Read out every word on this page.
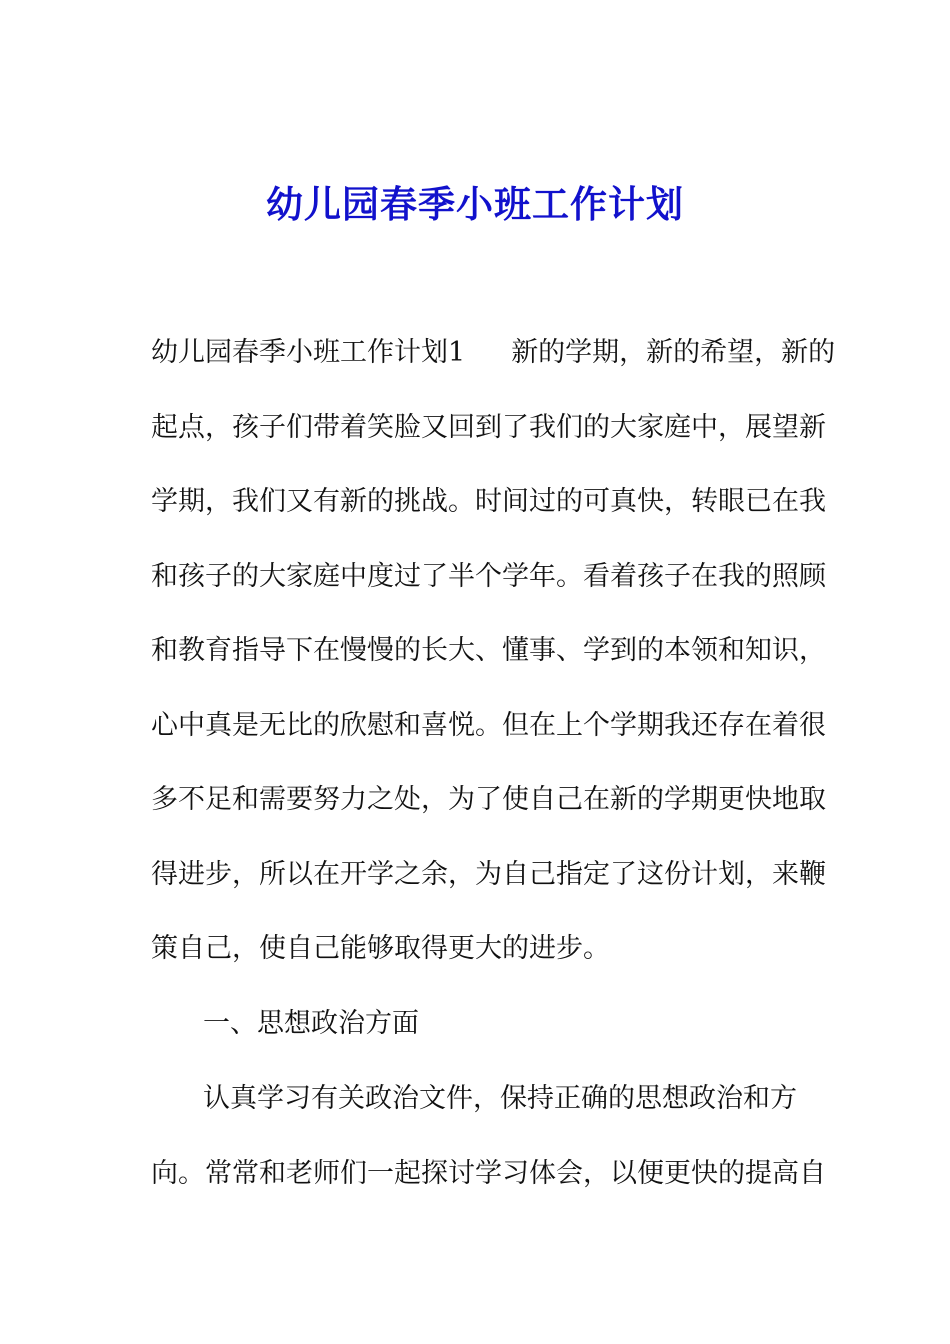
幼儿园春季小班工作计划
幼儿园春季小班工作计划1 新的学期，新的希望，新的
起点，孩子们带着笑脸又回到了我们的大家庭中，展望新
学期，我们又有新的挑战。时间过的可真快，转眼已在我
和孩子的大家庭中度过了半个学年。看着孩子在我的照顾
和教育指导下在慢慢的长大、懂事、学到的本领和知识，
心中真是无比的欣慰和喜悦。但在上个学期我还存在着很
多不足和需要努力之处，为了使自己在新的学期更快地取
得进步，所以在开学之余，为自己指定了这份计划，来鞭
策自己，使自己能够取得更大的进步。
一、思想政治方面
认真学习有关政治文件，保持正确的思想政治和方
向。常常和老师们一起探讨学习体会，以便更快的提高自
